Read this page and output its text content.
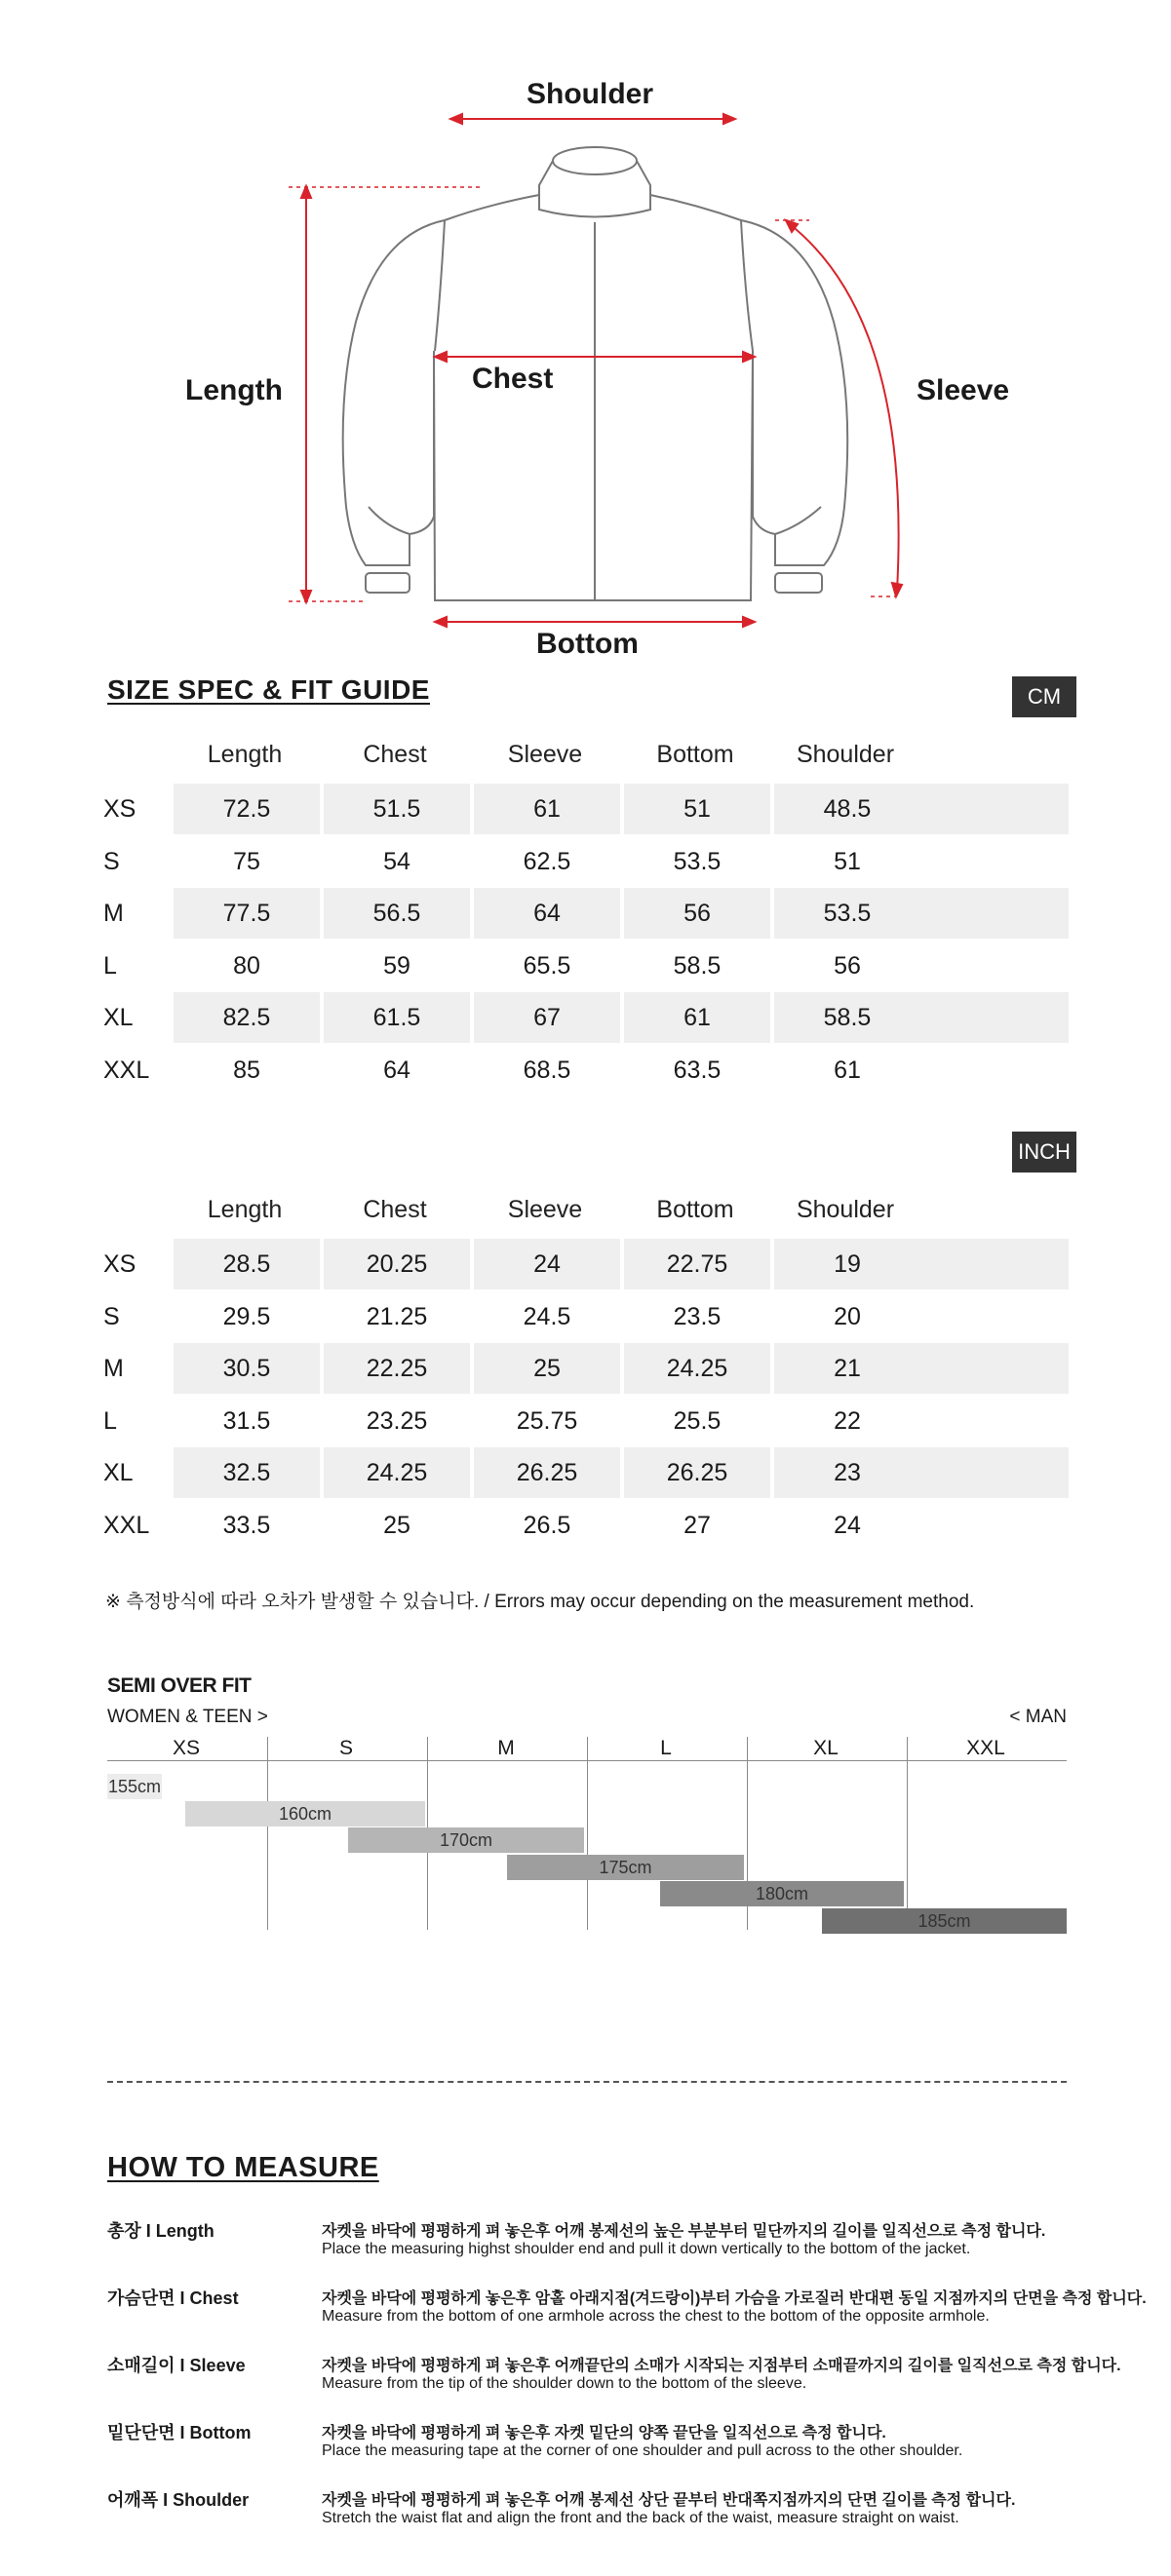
Shoulder
Length	Chest	Sleeve
Bottom
SIZE SPEC & FIT GUIDE	CM
Length	Chest	Sleeve	Bottom	Shoulder
XS	72.5	51.5	61	51	48.5
S	75	54	62.5	53.5	51
M	77.5	56.5	64	56	53.5
L	80	59	65.5	58.5	56
XL	82.5	61.5	67	61	58.5
XXL	85	64	68.5	63.5	61
INCH
Length	Chest	Sleeve	Bottom	Shoulder
XS	28.5	20.25	24	22.75	19
S	29.5	21.25	24.5	23.5	20
M	30.5	22.25	25	24.25	21
L	31.5	23.25	25.75	25.5	22
XL	32.5	24.25	26.25	26.25	23
XXL	33.5	25	26.5	27	24
※ 측정방식에 따라 오차가 발생할 수 있습니다. / Errors may occur depending on the measurement method.
SEMI OVER FIT
WOMEN & TEEN >	< MAN
XS	S	M	L	XL	XXL
155cm
160cm
170cm
175cm
180cm
185cm
HOW TO MEASURE
총장 I Length	자켓을 바닥에 평평하게 펴 놓은후 어깨 봉제선의 높은 부분부터 밑단까지의 길이를 일직선으로 측정 합니다.
Place the measuring highst shoulder end and pull it down vertically to the bottom of the jacket.
가슴단면 I Chest	자켓을 바닥에 평평하게 놓은후 암홀 아래지점(겨드랑이)부터 가슴을 가로질러 반대편 동일 지점까지의 단면을 측정 합니다.
Measure from the bottom of one armhole across the chest to the bottom of the opposite armhole.
소매길이 I Sleeve	자켓을 바닥에 평평하게 펴 놓은후 어깨끝단의 소매가 시작되는 지점부터 소매끝까지의 길이를 일직선으로 측정 합니다.
Measure from the tip of the shoulder down to the bottom of the sleeve.
밑단단면 I Bottom	자켓을 바닥에 평평하게 펴 놓은후 자켓 밑단의 양쪽 끝단을 일직선으로 측정 합니다.
Place the measuring tape at the corner of one shoulder and pull across to the other shoulder.
어깨폭 I Shoulder	자켓을 바닥에 평평하게 펴 놓은후 어깨 봉제선 상단 끝부터 반대쪽지점까지의 단면 길이를 측정 합니다.
Stretch the waist flat and align the front and the back of the waist, measure straight on waist.
